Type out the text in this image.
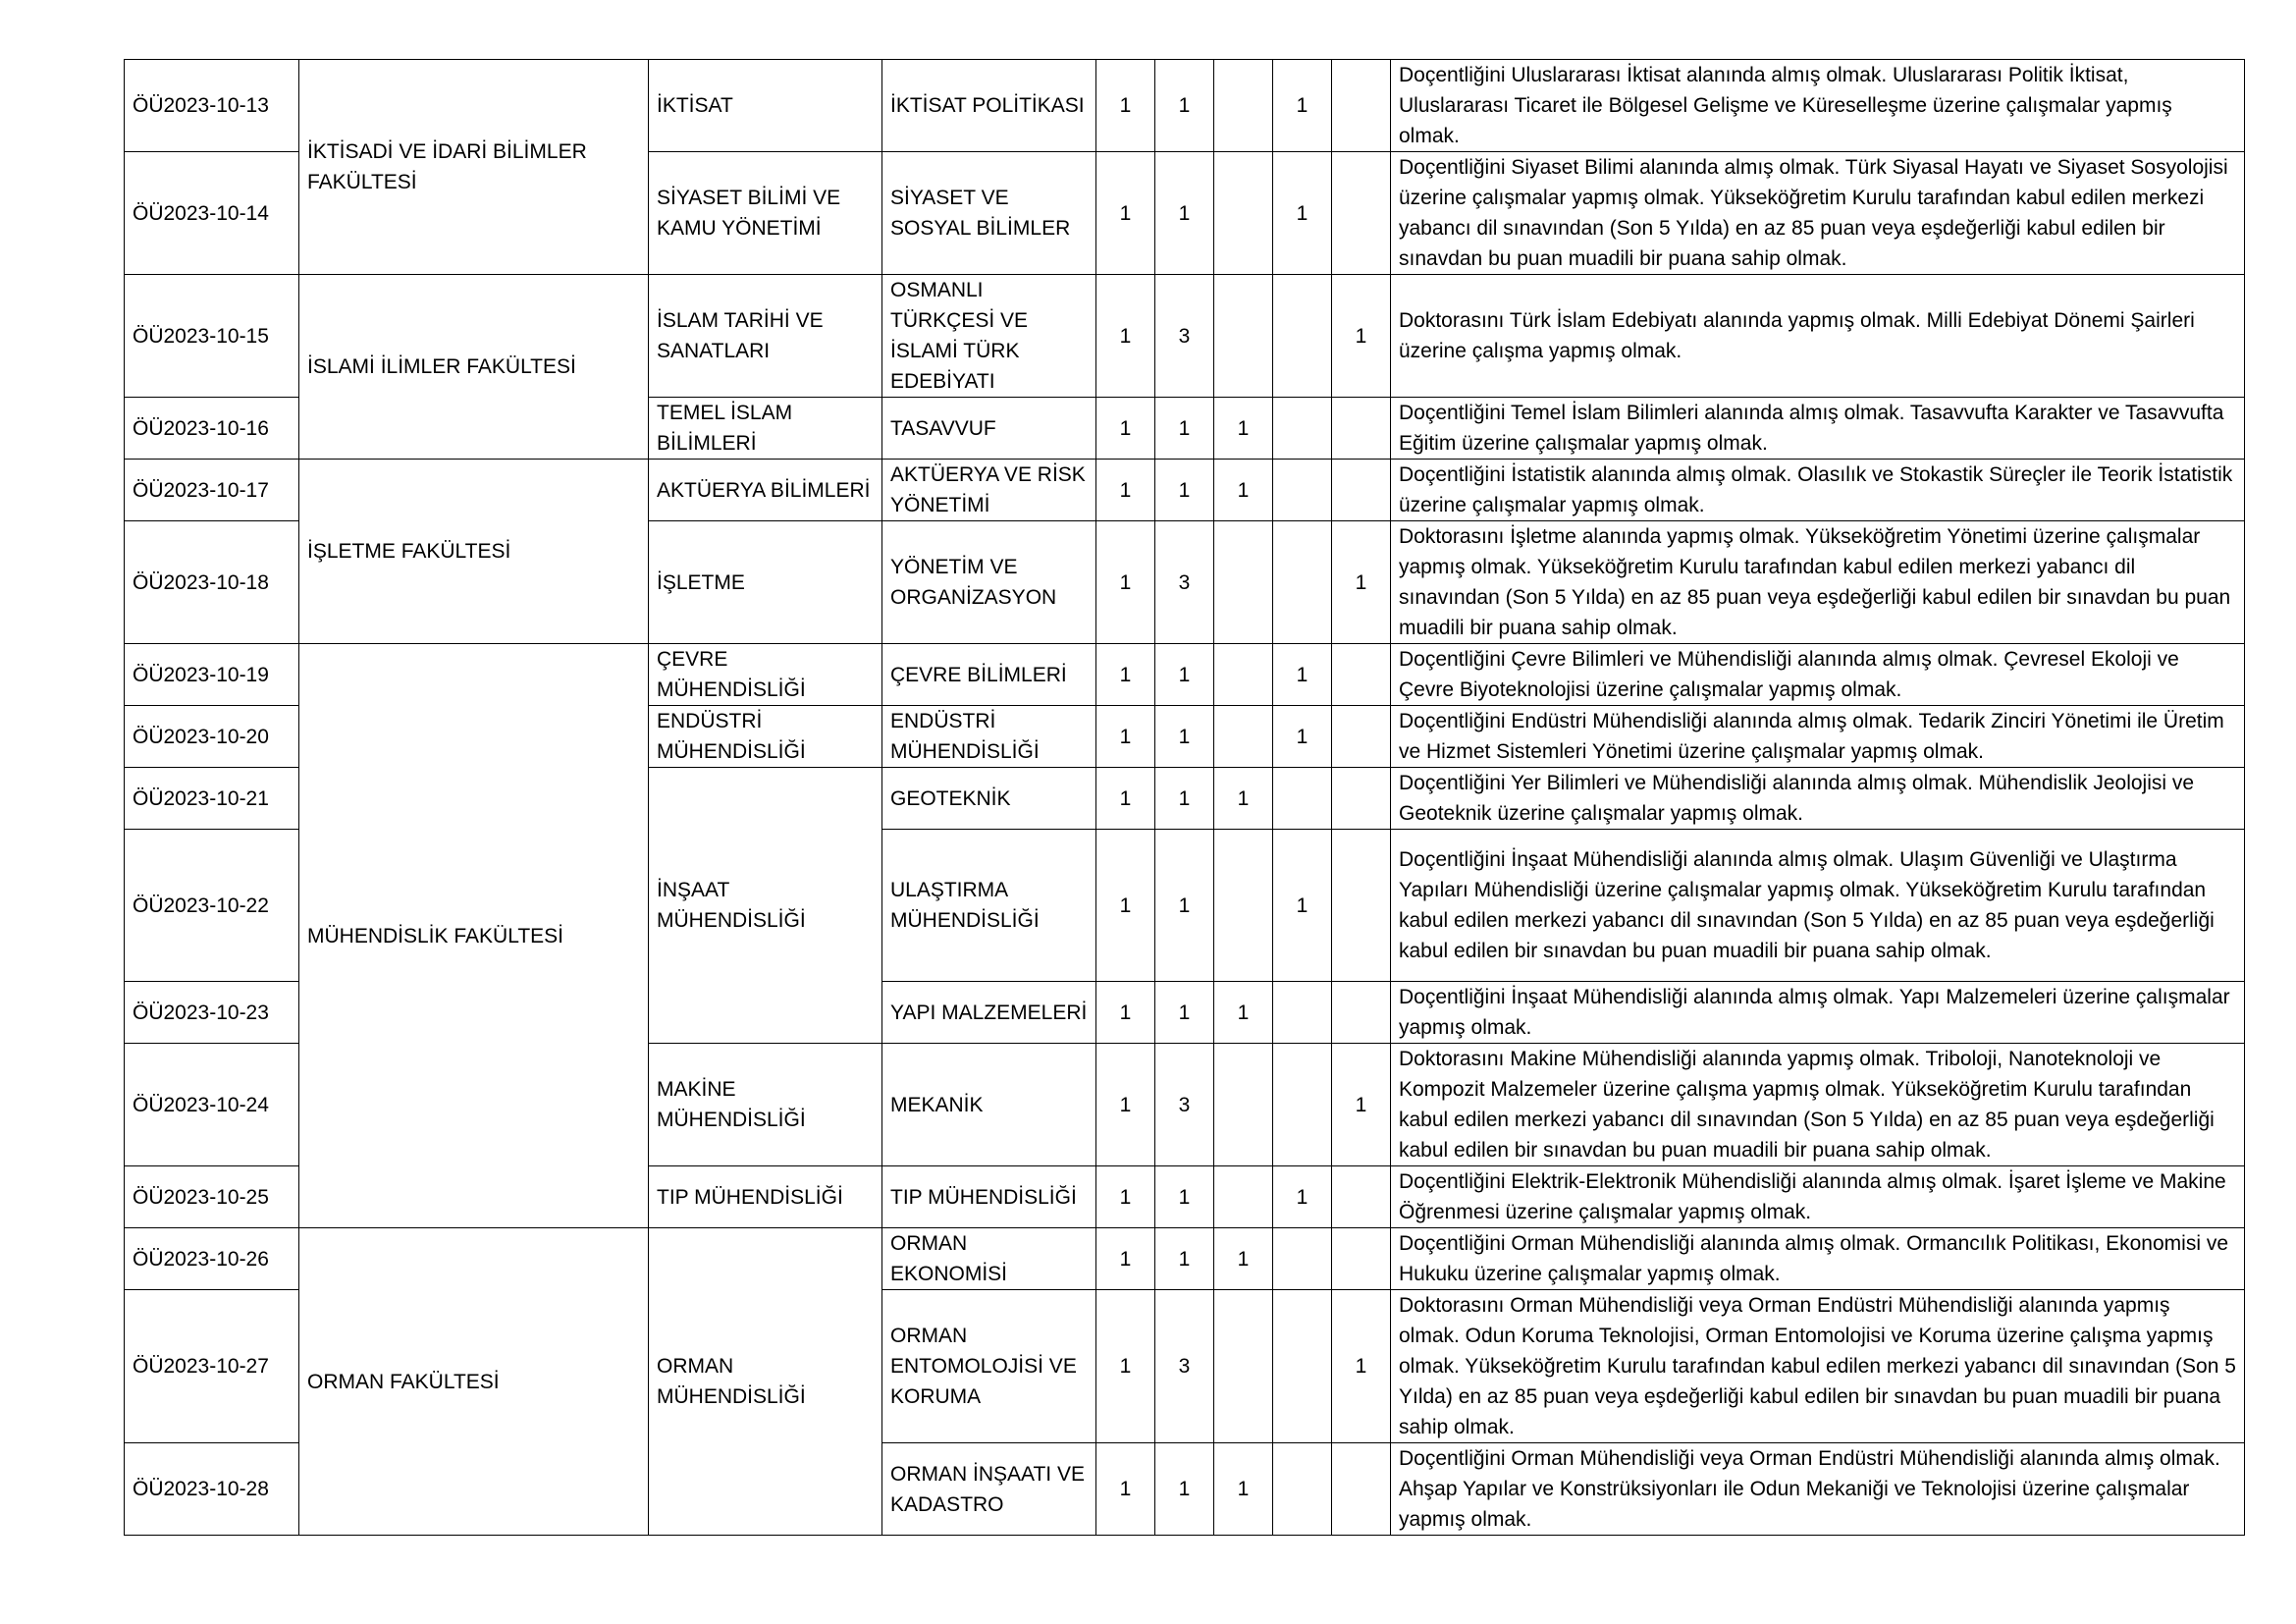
ÖÜ2023-10-13	İKTİSADİ VE İDARİ BİLİMLER FAKÜLTESİ	İKTİSAT	İKTİSAT POLİTİKASI	1	1		1		Doçentliğini Uluslararası İktisat alanında almış olmak. Uluslararası Politik İktisat, Uluslararası Ticaret ile Bölgesel Gelişme ve Küreselleşme üzerine çalışmalar yapmış olmak.
ÖÜ2023-10-14		SİYASET BİLİMİ VE KAMU YÖNETİMİ	SİYASET VE SOSYAL BİLİMLER	1	1		1		Doçentliğini Siyaset Bilimi alanında almış olmak. Türk Siyasal Hayatı ve Siyaset Sosyolojisi üzerine çalışmalar yapmış olmak. Yükseköğretim Kurulu tarafından kabul edilen merkezi yabancı dil sınavından (Son 5 Yılda) en az 85 puan veya eşdeğerliği kabul edilen bir sınavdan bu puan muadili bir puana sahip olmak.
ÖÜ2023-10-15	İSLAMİ İLİMLER FAKÜLTESİ	İSLAM TARİHİ VE SANATLARI	OSMANLI TÜRKÇESİ VE İSLAMİ TÜRK EDEBİYATI	1	3			1	Doktorasını Türk İslam Edebiyatı alanında yapmış olmak. Milli Edebiyat Dönemi Şairleri üzerine çalışma yapmış olmak.
ÖÜ2023-10-16		TEMEL İSLAM BİLİMLERİ	TASAVVUF	1	1	1			Doçentliğini Temel İslam Bilimleri alanında almış olmak. Tasavvufta Karakter ve Tasavvufta Eğitim üzerine çalışmalar yapmış olmak.
ÖÜ2023-10-17	İŞLETME FAKÜLTESİ	AKTÜERYA BİLİMLERİ	AKTÜERYA VE RİSK YÖNETİMİ	1	1	1			Doçentliğini İstatistik alanında almış olmak. Olasılık ve Stokastik Süreçler ile Teorik İstatistik üzerine çalışmalar yapmış olmak.
ÖÜ2023-10-18		İŞLETME	YÖNETİM VE ORGANİZASYON	1	3			1	Doktorasını İşletme alanında yapmış olmak. Yükseköğretim Yönetimi üzerine çalışmalar yapmış olmak. Yükseköğretim Kurulu tarafından kabul edilen merkezi yabancı dil sınavından (Son 5 Yılda) en az 85 puan veya eşdeğerliği kabul edilen bir sınavdan bu puan muadili bir puana sahip olmak.
ÖÜ2023-10-19	MÜHENDİSLİK FAKÜLTESİ	ÇEVRE MÜHENDİSLİĞİ	ÇEVRE BİLİMLERİ	1	1		1		Doçentliğini Çevre Bilimleri ve Mühendisliği alanında almış olmak. Çevresel Ekoloji ve Çevre Biyoteknolojisi üzerine çalışmalar yapmış olmak.
ÖÜ2023-10-20		ENDÜSTRİ MÜHENDİSLİĞİ	ENDÜSTRİ MÜHENDİSLİĞİ	1	1		1		Doçentliğini Endüstri Mühendisliği alanında almış olmak. Tedarik Zinciri Yönetimi ile Üretim ve Hizmet Sistemleri Yönetimi üzerine çalışmalar yapmış olmak.
ÖÜ2023-10-21		İNŞAAT MÜHENDİSLİĞİ	GEOTEKNİK	1	1	1			Doçentliğini Yer Bilimleri ve Mühendisliği alanında almış olmak. Mühendislik Jeolojisi ve Geoteknik üzerine çalışmalar yapmış olmak.
ÖÜ2023-10-22			ULAŞTIRMA MÜHENDİSLİĞİ	1	1		1		Doçentliğini İnşaat Mühendisliği alanında almış olmak. Ulaşım Güvenliği ve Ulaştırma Yapıları Mühendisliği üzerine çalışmalar yapmış olmak. Yükseköğretim Kurulu tarafından kabul edilen merkezi yabancı dil sınavından (Son 5 Yılda) en az 85 puan veya eşdeğerliği kabul edilen bir sınavdan bu puan muadili bir puana sahip olmak.
ÖÜ2023-10-23			YAPI MALZEMELERİ	1	1	1			Doçentliğini İnşaat Mühendisliği alanında almış olmak. Yapı Malzemeleri üzerine çalışmalar yapmış olmak.
ÖÜ2023-10-24		MAKİNE MÜHENDİSLİĞİ	MEKANİK	1	3			1	Doktorasını Makine Mühendisliği alanında yapmış olmak. Triboloji, Nanoteknoloji ve Kompozit Malzemeler üzerine çalışma yapmış olmak. Yükseköğretim Kurulu tarafından kabul edilen merkezi yabancı dil sınavından (Son 5 Yılda) en az 85 puan veya eşdeğerliği kabul edilen bir sınavdan bu puan muadili bir puana sahip olmak.
ÖÜ2023-10-25		TIP MÜHENDİSLİĞİ	TIP MÜHENDİSLİĞİ	1	1		1		Doçentliğini Elektrik-Elektronik Mühendisliği alanında almış olmak. İşaret İşleme ve Makine Öğrenmesi üzerine çalışmalar yapmış olmak.
ÖÜ2023-10-26	ORMAN FAKÜLTESİ	ORMAN MÜHENDİSLİĞİ	ORMAN EKONOMİSİ	1	1	1			Doçentliğini Orman Mühendisliği alanında almış olmak. Ormancılık Politikası, Ekonomisi ve Hukuku üzerine çalışmalar yapmış olmak.
ÖÜ2023-10-27			ORMAN ENTOMOLOJİSİ VE KORUMA	1	3			1	Doktorasını Orman Mühendisliği veya Orman Endüstri Mühendisliği alanında yapmış olmak. Odun Koruma Teknolojisi, Orman Entomolojisi ve Koruma üzerine çalışma yapmış olmak. Yükseköğretim Kurulu tarafından kabul edilen merkezi yabancı dil sınavından (Son 5 Yılda) en az 85 puan veya eşdeğerliği kabul edilen bir sınavdan bu puan muadili bir puana sahip olmak.
ÖÜ2023-10-28			ORMAN İNŞAATI VE KADASTRO	1	1	1			Doçentliğini Orman Mühendisliği veya Orman Endüstri Mühendisliği alanında almış olmak. Ahşap Yapılar ve Konstrüksiyonları ile Odun Mekaniği ve Teknolojisi üzerine çalışmalar yapmış olmak.
